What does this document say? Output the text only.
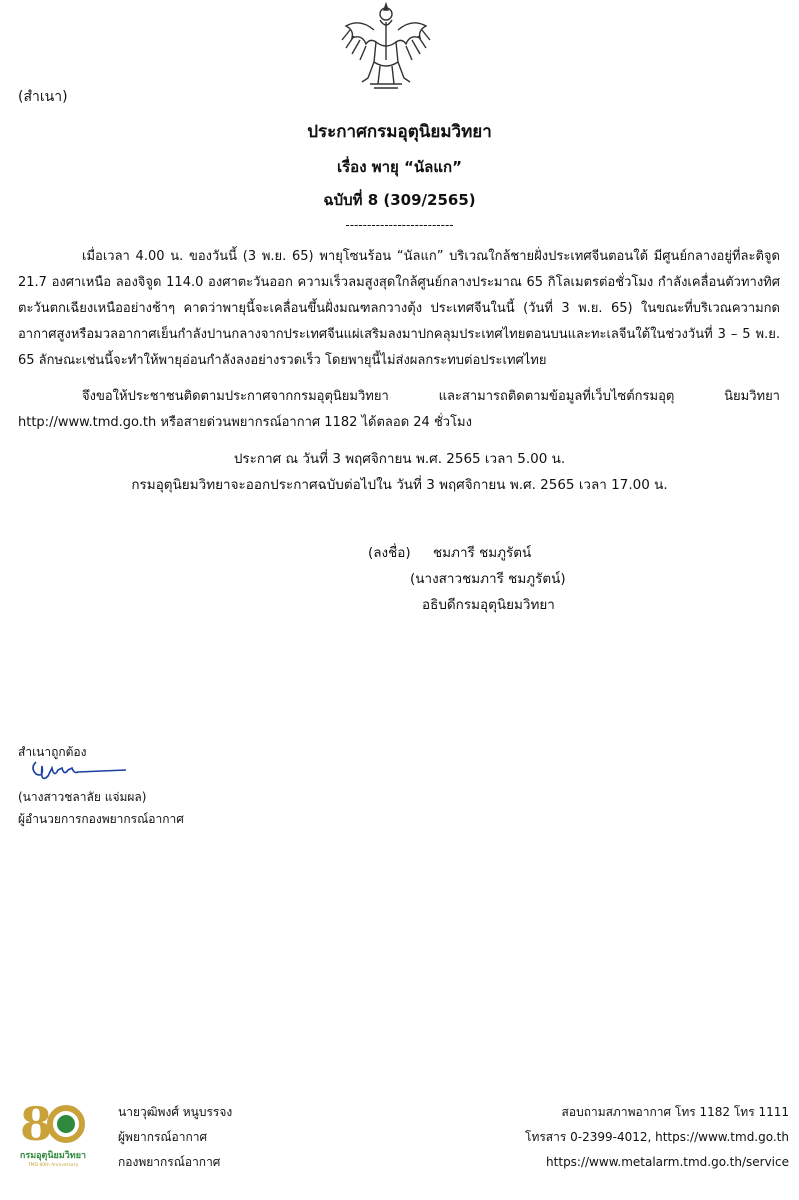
(สำเนา)
ประกาศกรมอุตุนิยมวิทยา
เรื่อง พายุ “นัลแก”
ฉบับที่ 8 (309/2565)
-------------------------

เมื่อเวลา 4.00 น. ของวันนี้ (3 พ.ย. 65) พายุโซนร้อน “นัลแก” บริเวณใกล้ชายฝั่งประเทศจีนตอนใต้ มีศูนย์กลางอยู่ที่ละติจูด 21.7 องศาเหนือ ลองจิจูด 114.0 องศาตะวันออก ความเร็วลมสูงสุดใกล้ศูนย์กลางประมาณ 65 กิโลเมตรต่อชั่วโมง กำลังเคลื่อนตัวทางทิศตะวันตกเฉียงเหนืออย่างช้าๆ คาดว่าพายุนี้จะเคลื่อนขึ้นฝั่งมณฑลกวางตุ้ง ประเทศจีนในนี้ (วันที่ 3 พ.ย. 65) ในขณะที่บริเวณความกดอากาศสูงหรือมวลอากาศเย็นกำลังปานกลางจากประเทศจีนแผ่เสริมลงมาปกคลุมประเทศไทยตอนบนและทะเลจีนใต้ในช่วงวันที่ 3 – 5 พ.ย. 65 ลักษณะเช่นนี้จะทำให้พายุอ่อนกำลังลงอย่างรวดเร็ว โดยพายุนี้ไม่ส่งผลกระทบต่อประเทศไทย

จึงขอให้ประชาชนติดตามประกาศจากกรมอุตุนิยมวิทยา และสามารถติดตามข้อมูลที่เว็บไซต์กรมอุตุ นิยมวิทยา http://www.tmd.go.th หรือสายด่วนพยากรณ์อากาศ 1182 ได้ตลอด 24 ชั่วโมง

ประกาศ ณ วันที่ 3 พฤศจิกายน พ.ศ. 2565 เวลา 5.00 น.
กรมอุตุนิยมวิทยาจะออกประกาศฉบับต่อไปใน วันที่ 3 พฤศจิกายน พ.ศ. 2565 เวลา 17.00 น.
(ลงชื่อ) ชมภารี ชมภูรัตน์
(นางสาวชมภารี ชมภูรัตน์)
อธิบดีกรมอุตุนิยมวิทยา
สำเนาถูกต้อง
(นางสาวชลาลัย แจ่มผล)
ผู้อำนวยการกองพยากรณ์อากาศ
8
กรมอุตุนิยมวิทยา
TMD 80th Anniversary
นายวุฒิพงศ์ หนูบรรจง
ผู้พยากรณ์อากาศ
กองพยากรณ์อากาศ
สอบถามสภาพอากาศ โทร 1182 โทร 1111
โทรสาร 0-2399-4012, https://www.tmd.go.th
https://www.metalarm.tmd.go.th/service
